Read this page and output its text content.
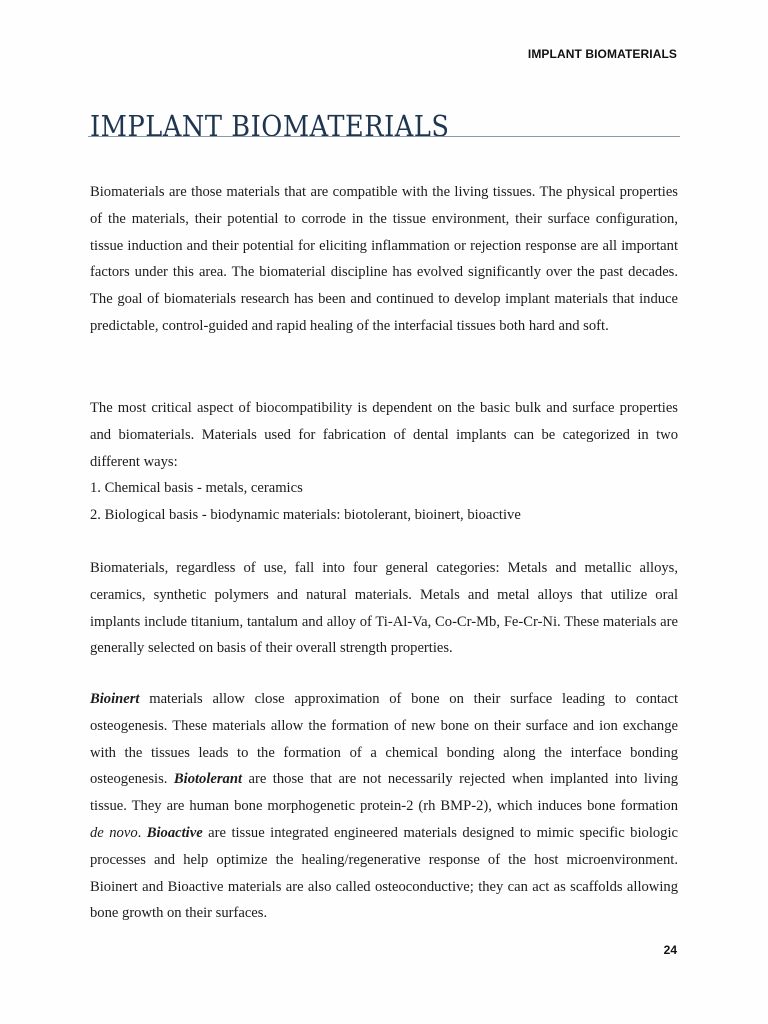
IMPLANT BIOMATERIALS
IMPLANT BIOMATERIALS

Biomaterials are those materials that are compatible with the living tissues. The physical properties of the materials, their potential to corrode in the tissue environment, their surface configuration, tissue induction and their potential for eliciting inflammation or rejection response are all important factors under this area. The biomaterial discipline has evolved significantly over the past decades. The goal of biomaterials research has been and continued to develop implant materials that induce predictable, control-guided and rapid healing of the interfacial tissues both hard and soft.

The most critical aspect of biocompatibility is dependent on the basic bulk and surface properties and biomaterials. Materials used for fabrication of dental implants can be categorized in two different ways:

1. Chemical basis - metals, ceramics

2. Biological basis - biodynamic materials: biotolerant, bioinert, bioactive

Biomaterials, regardless of use, fall into four general categories: Metals and metallic alloys, ceramics, synthetic polymers and natural materials. Metals and metal alloys that utilize oral implants include titanium, tantalum and alloy of Ti-Al-Va, Co-Cr-Mb, Fe-Cr-Ni. These materials are generally selected on basis of their overall strength properties.

Bioinert materials allow close approximation of bone on their surface leading to contact osteogenesis. These materials allow the formation of new bone on their surface and ion exchange with the tissues leads to the formation of a chemical bonding along the interface bonding osteogenesis. Biotolerant are those that are not necessarily rejected when implanted into living tissue. They are human bone morphogenetic protein-2 (rh BMP-2), which induces bone formation de novo. Bioactive are tissue integrated engineered materials designed to mimic specific biologic processes and help optimize the healing/regenerative response of the host microenvironment. Bioinert and Bioactive materials are also called osteoconductive; they can act as scaffolds allowing bone growth on their surfaces.

24
